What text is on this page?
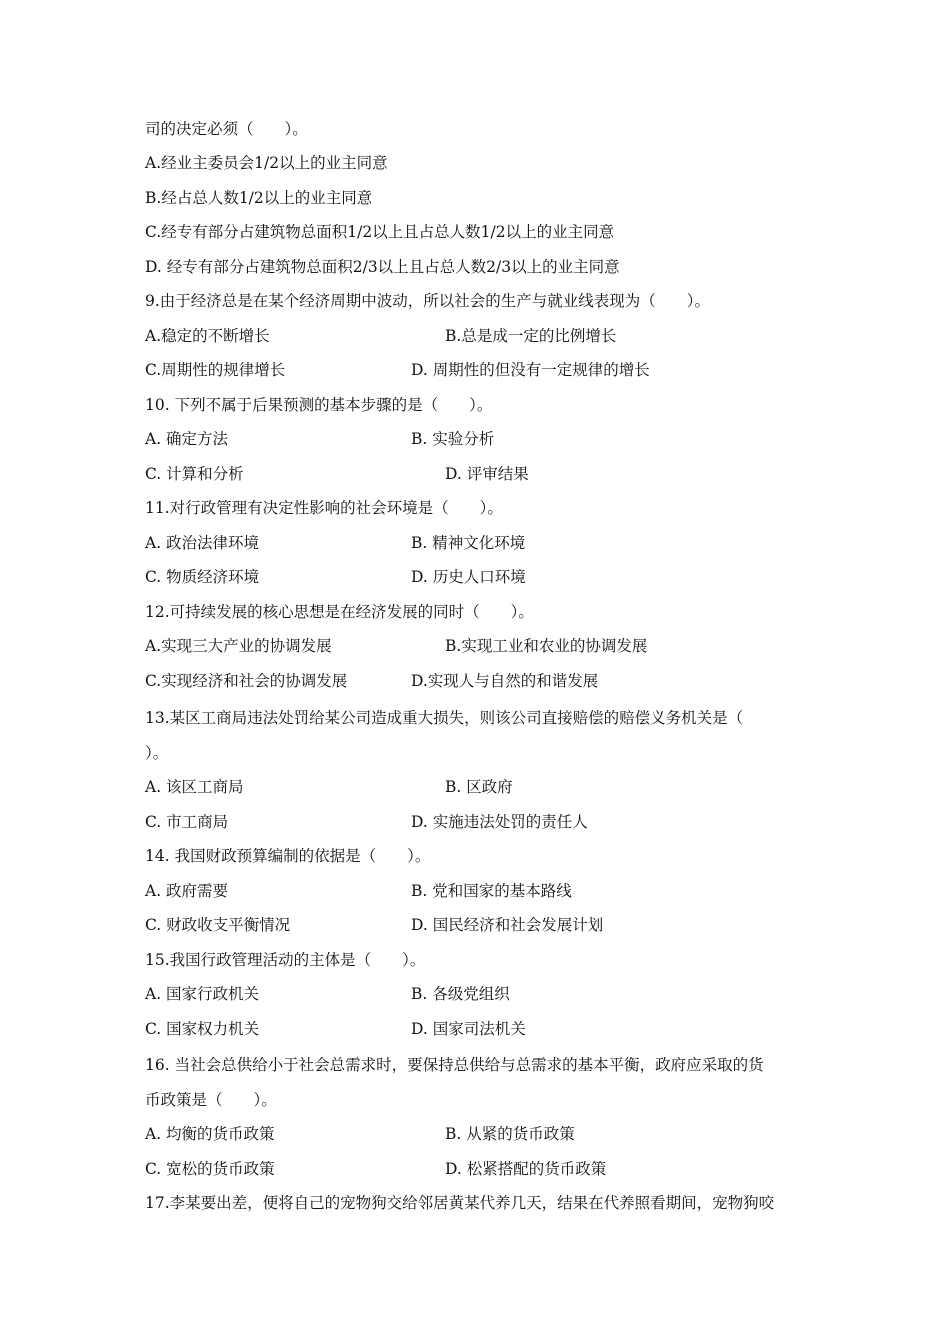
司的决定必须（　　）。
A.经业主委员会1/2以上的业主同意
B.经占总人数1/2以上的业主同意
C.经专有部分占建筑物总面积1/2以上且占总人数1/2以上的业主同意
D. 经专有部分占建筑物总面积2/3以上且占总人数2/3以上的业主同意
9.由于经济总是在某个经济周期中波动，所以社会的生产与就业线表现为（　　）。
A.稳定的不断增长	B.总是成一定的比例增长
C.周期性的规律增长	D. 周期性的但没有一定规律的增长
10. 下列不属于后果预测的基本步骤的是（　　）。
A. 确定方法	B. 实验分析
C. 计算和分析	D. 评审结果
11.对行政管理有决定性影响的社会环境是（　　）。
A. 政治法律环境	B. 精神文化环境
C. 物质经济环境	D. 历史人口环境
12.可持续发展的核心思想是在经济发展的同时（　　）。
A.实现三大产业的协调发展	B.实现工业和农业的协调发展
C.实现经济和社会的协调发展	D.实现人与自然的和谐发展
13.某区工商局违法处罚给某公司造成重大损失，则该公司直接赔偿的赔偿义务机关是（
）。
A. 该区工商局	B. 区政府
C. 市工商局	D. 实施违法处罚的责任人
14. 我国财政预算编制的依据是（　　）。
A. 政府需要	B. 党和国家的基本路线
C. 财政收支平衡情况	D. 国民经济和社会发展计划
15.我国行政管理活动的主体是（　　）。
A. 国家行政机关	B. 各级党组织
C. 国家权力机关	D. 国家司法机关
16. 当社会总供给小于社会总需求时，要保持总供给与总需求的基本平衡，政府应采取的货
币政策是（　　）。
A. 均衡的货币政策	B. 从紧的货币政策
C. 宽松的货币政策	D. 松紧搭配的货币政策
17.李某要出差，便将自己的宠物狗交给邻居黄某代养几天，结果在代养照看期间，宠物狗咬
